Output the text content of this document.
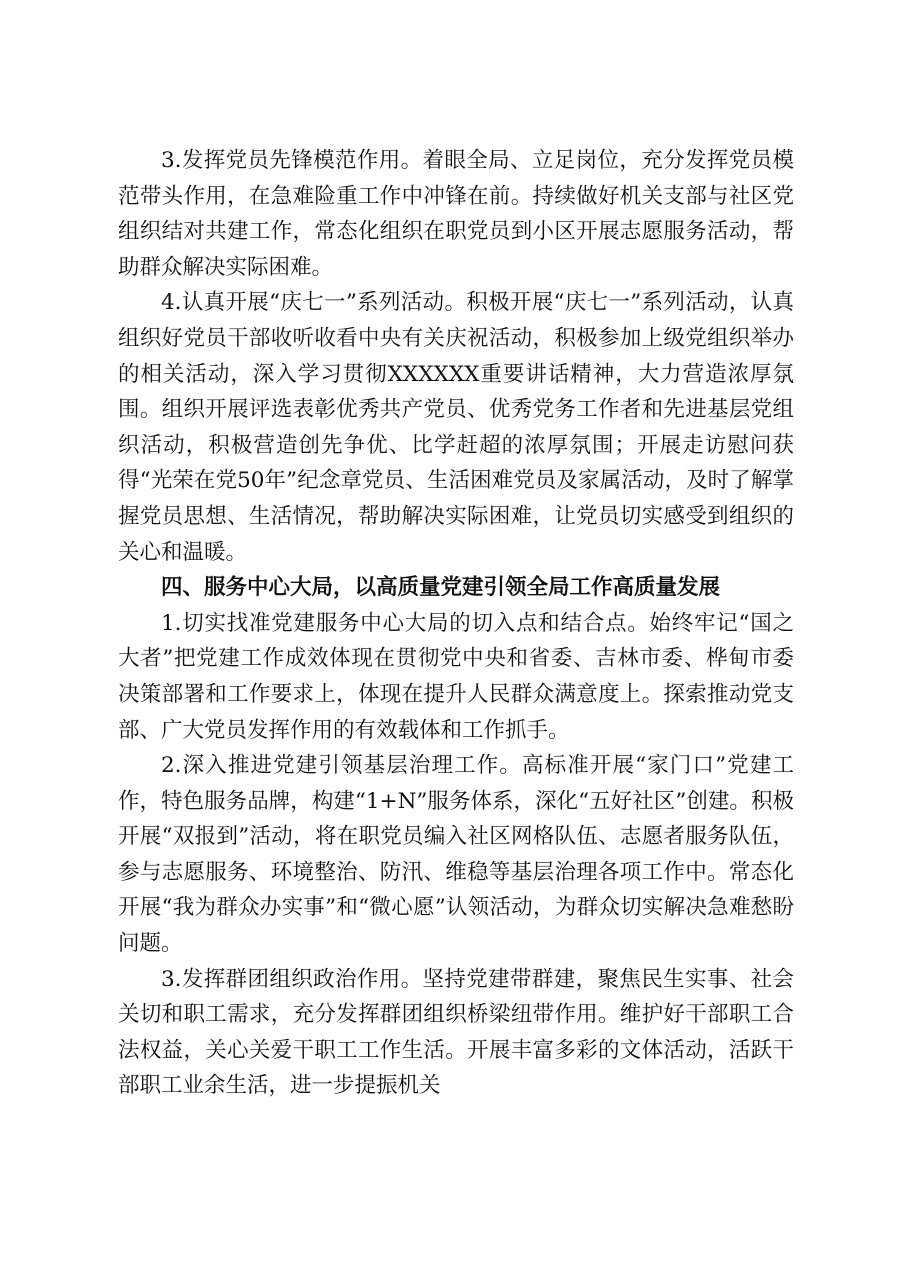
3.发挥党员先锋模范作用。着眼全局、立足岗位，充分发挥党员模范带头作用，在急难险重工作中冲锋在前。持续做好机关支部与社区党组织结对共建工作，常态化组织在职党员到小区开展志愿服务活动，帮助群众解决实际困难。

4.认真开展“庆七一”系列活动。积极开展“庆七一”系列活动，认真组织好党员干部收听收看中央有关庆祝活动，积极参加上级党组织举办的相关活动，深入学习贯彻XXXXXX重要讲话精神，大力营造浓厚氛围。组织开展评选表彰优秀共产党员、优秀党务工作者和先进基层党组织活动，积极营造创先争优、比学赶超的浓厚氛围；开展走访慰问获得“光荣在党50年”纪念章党员、生活困难党员及家属活动，及时了解掌握党员思想、生活情况，帮助解决实际困难，让党员切实感受到组织的关心和温暖。

四、服务中心大局，以高质量党建引领全局工作高质量发展

1.切实找准党建服务中心大局的切入点和结合点。始终牢记“国之大者”把党建工作成效体现在贯彻党中央和省委、吉林市委、桦甸市委决策部署和工作要求上，体现在提升人民群众满意度上。探索推动党支部、广大党员发挥作用的有效载体和工作抓手。

2.深入推进党建引领基层治理工作。高标准开展“家门口”党建工作，特色服务品牌，构建“1+N”服务体系，深化“五好社区”创建。积极开展“双报到”活动，将在职党员编入社区网格队伍、志愿者服务队伍，参与志愿服务、环境整治、防汛、维稳等基层治理各项工作中。常态化开展“我为群众办实事”和“微心愿”认领活动，为群众切实解决急难愁盼问题。

3.发挥群团组织政治作用。坚持党建带群建，聚焦民生实事、社会关切和职工需求，充分发挥群团组织桥梁纽带作用。维护好干部职工合法权益，关心关爱干职工工作生活。开展丰富多彩的文体活动，活跃干部职工业余生活，进一步提振机关
